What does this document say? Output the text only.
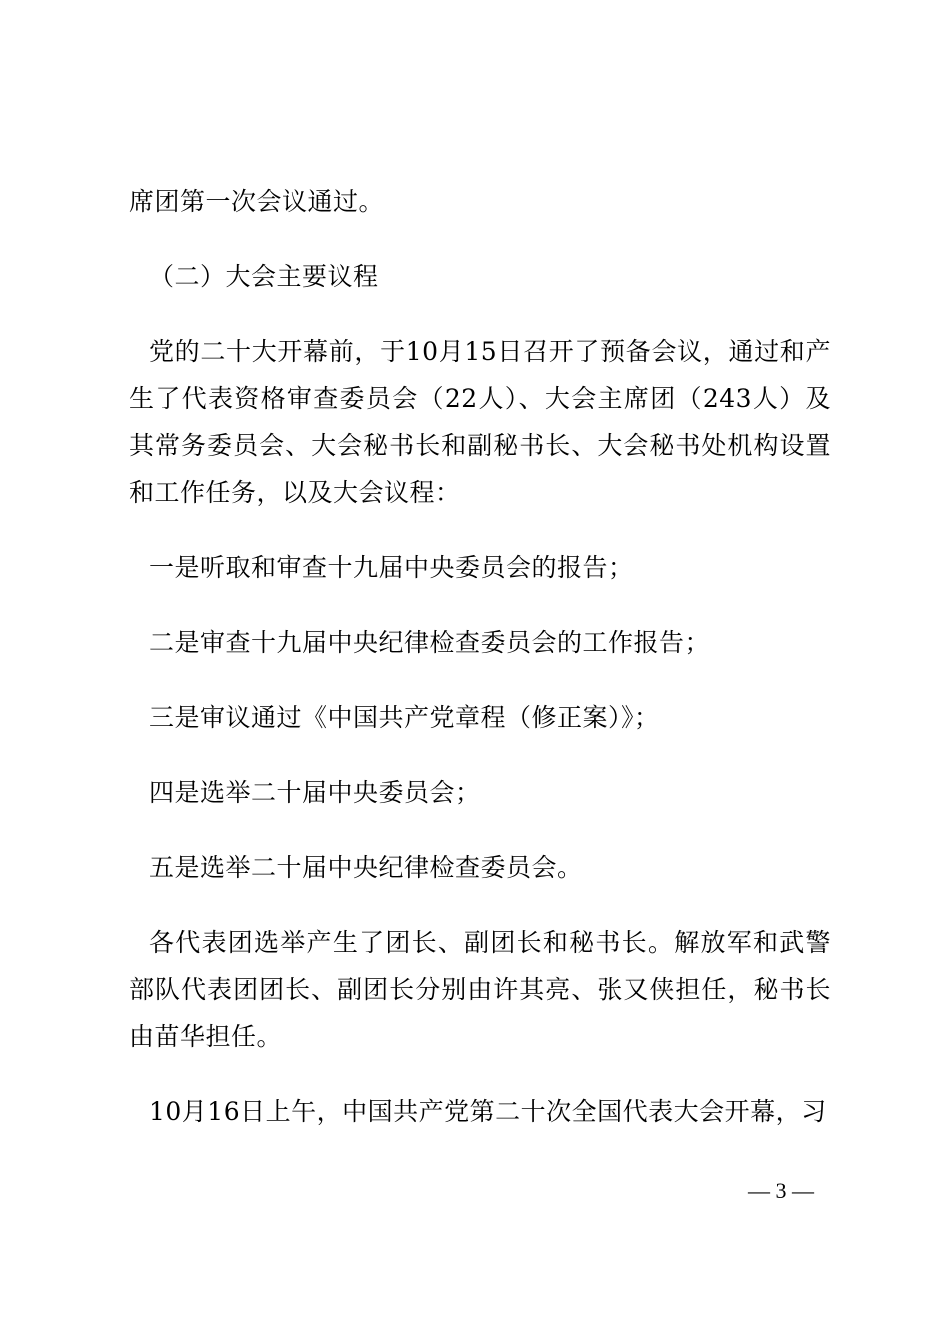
席团第一次会议通过。

（二）大会主要议程

党的二十大开幕前，于10月15日召开了预备会议，通过和产生了代表资格审查委员会（22人）、大会主席团（243人）及其常务委员会、大会秘书长和副秘书长、大会秘书处机构设置和工作任务，以及大会议程：

一是听取和审查十九届中央委员会的报告；

二是审查十九届中央纪律检查委员会的工作报告；

三是审议通过《中国共产党章程（修正案）》；

四是选举二十届中央委员会；

五是选举二十届中央纪律检查委员会。

各代表团选举产生了团长、副团长和秘书长。解放军和武警部队代表团团长、副团长分别由许其亮、张又侠担任，秘书长由苗华担任。

10月16日上午，中国共产党第二十次全国代表大会开幕，习

— 3 —
